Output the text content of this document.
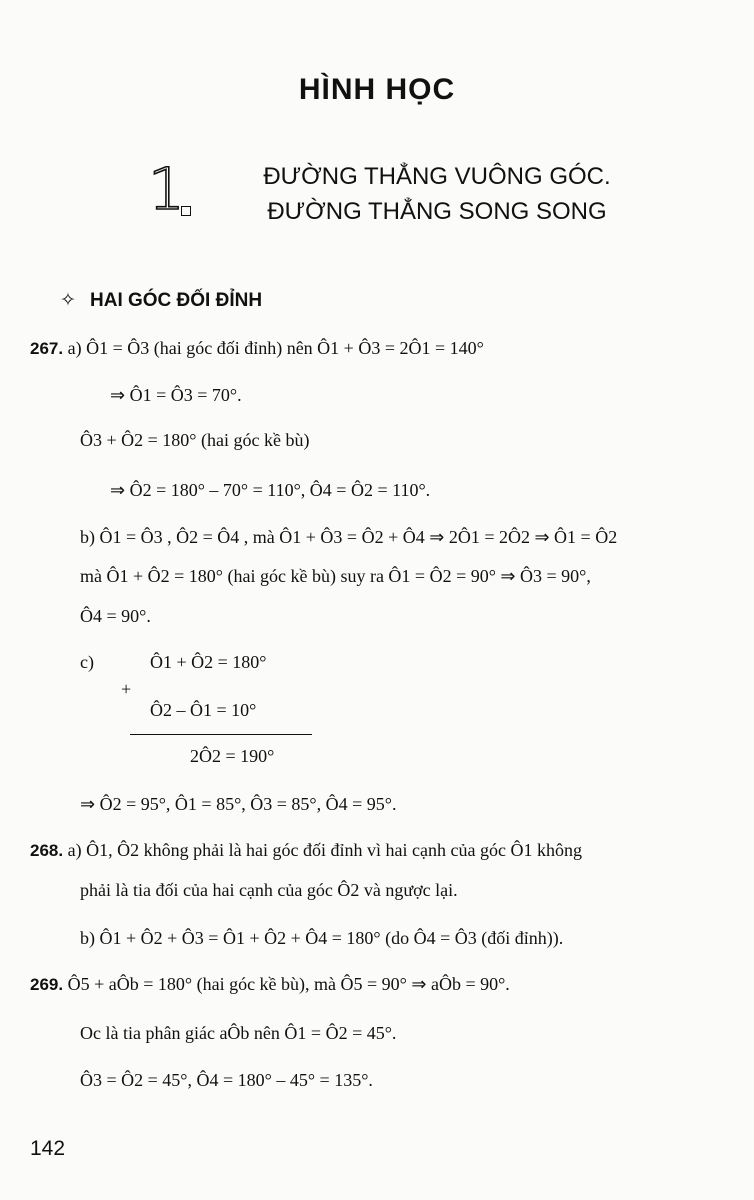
HÌNH HỌC
1	ĐƯỜNG THẲNG VUÔNG GÓC.
ĐƯỜNG THẲNG SONG SONG
✧ HAI GÓC ĐỐI ĐỈNH
267. a) Ô1 = Ô3 (hai góc đối đỉnh) nên Ô1 + Ô3 = 2Ô1 = 140°
⇒ Ô1 = Ô3 = 70°.
Ô3 + Ô2 = 180° (hai góc kề bù)
⇒ Ô2 = 180° – 70° = 110°, Ô4 = Ô2 = 110°.
b) Ô1 = Ô3 , Ô2 = Ô4 , mà Ô1 + Ô3 = Ô2 + Ô4 ⇒ 2Ô1 = 2Ô2 ⇒ Ô1 = Ô2
mà Ô1 + Ô2 = 180° (hai góc kề bù) suy ra Ô1 = Ô2 = 90° ⇒ Ô3 = 90°,
Ô4 = 90°.
c)	Ô1 + Ô2 = 180°
+
Ô2 – Ô1 = 10°
2Ô2 = 190°
⇒ Ô2 = 95°, Ô1 = 85°, Ô3 = 85°, Ô4 = 95°.
268. a) Ô1, Ô2 không phải là hai góc đối đỉnh vì hai cạnh của góc Ô1 không
phải là tia đối của hai cạnh của góc Ô2 và ngược lại.
b) Ô1 + Ô2 + Ô3 = Ô1 + Ô2 + Ô4 = 180° (do Ô4 = Ô3 (đối đỉnh)).
269. Ô5 + aÔb = 180° (hai góc kề bù), mà Ô5 = 90° ⇒ aÔb = 90°.
Oc là tia phân giác aÔb nên Ô1 = Ô2 = 45°.
Ô3 = Ô2 = 45°, Ô4 = 180° – 45° = 135°.
142
